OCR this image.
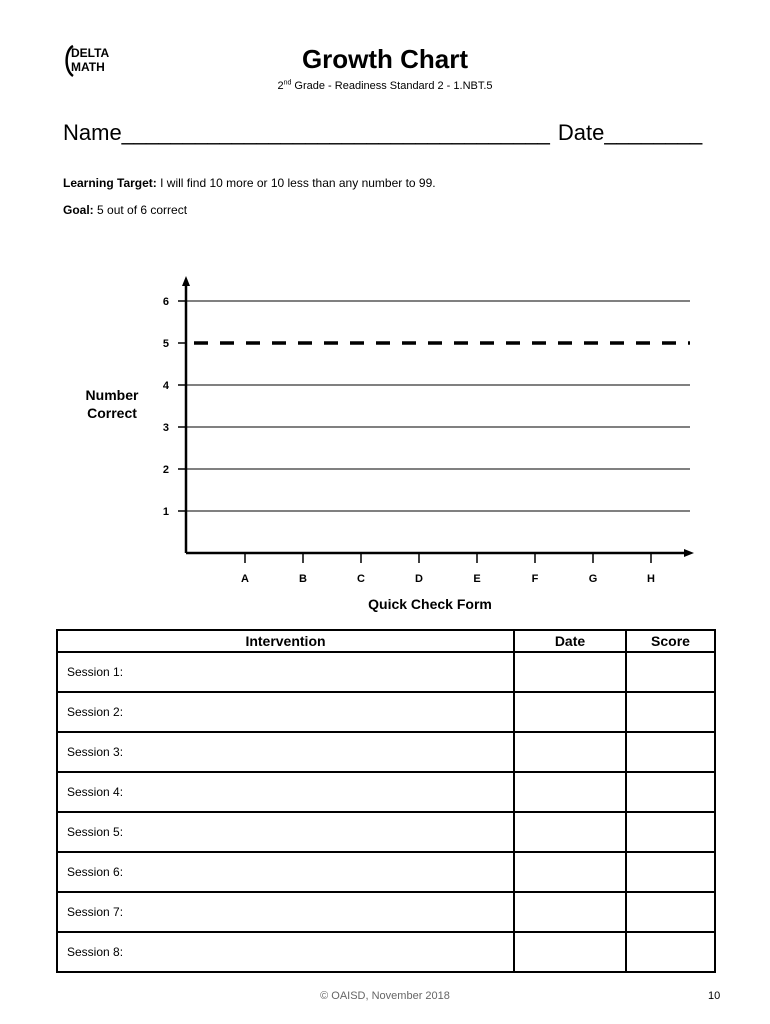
DELTA
MATH	Growth Chart
2nd Grade - Readiness Standard 2 - 1.NBT.5
Name___________________________________ Date________
Learning Target: I will find 10 more or 10 less than any number to 99.
Goal: 5 out of 6 correct
1
2
3
4
5
6
A	B	C	D	E	F	G	H
Number Correct
Quick Check Form
Intervention	Date	Score
Session 1:		
Session 2:		
Session 3:		
Session 4:		
Session 5:		
Session 6:		
Session 7:		
Session 8:		
© OAISD, November 2018	10
